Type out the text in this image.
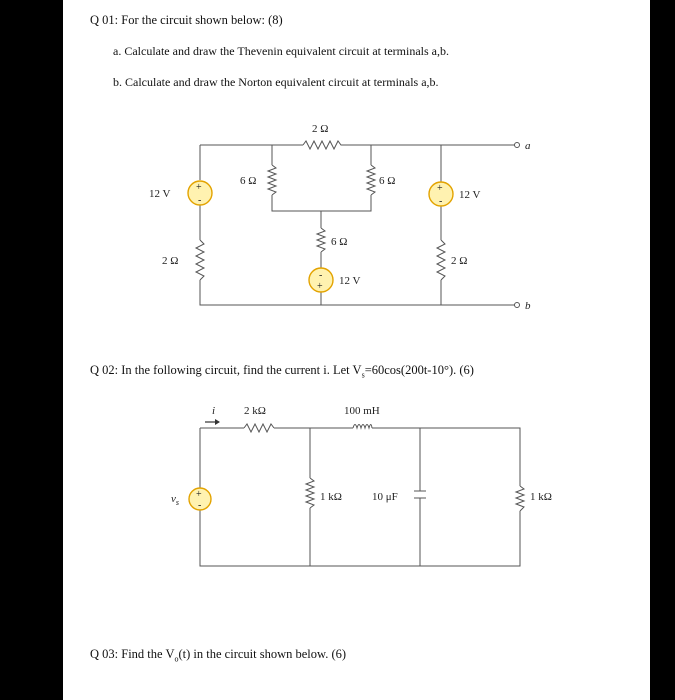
Q 01: For the circuit shown below: (8)
a. Calculate and draw the Thevenin equivalent circuit at terminals a,b.
b. Calculate and draw the Norton equivalent circuit at terminals a,b.
+
-
+
-
-
+
2 Ω
6 Ω	6 Ω
6 Ω
2 Ω	2 Ω
12 V	12 V
12 V
a
b
Q 02: In the following circuit, find the current i. Let $V_s=60\cos(200t-10^\circ)$. (6)
+
-
i	2 kΩ	100 mH
1 kΩ	10 μF	1 kΩ
$v_s$
Q 03: Find the $V_o(t)$ in the circuit shown below. (6)
